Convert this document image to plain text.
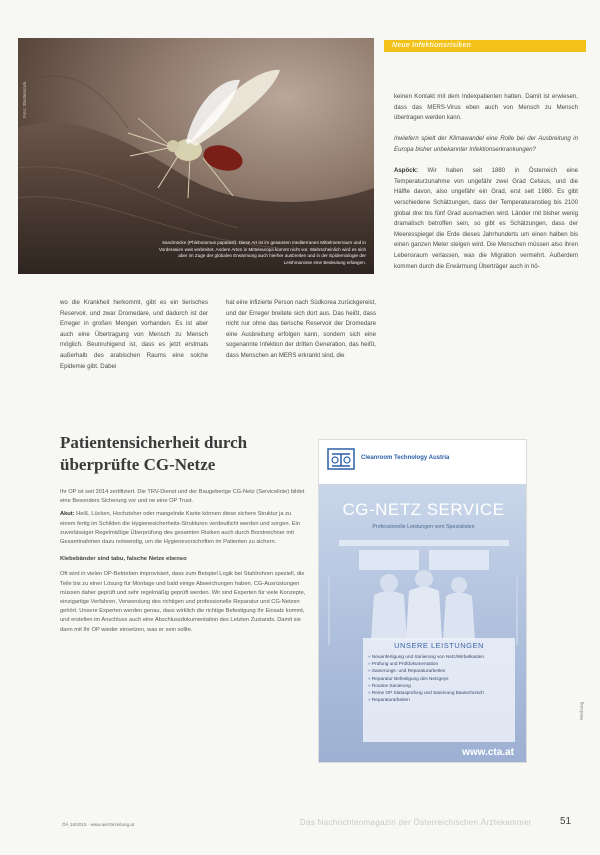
Sandmücke (Phlebotomus papatasi). Diese Art ist im gesamten mediterranen Mittelmeerraum und in Vorderasien weit verbreitet. Andere Arten in Mitteleuropa kommt nicht vor. Wahrscheinlich wird es sich aber im Zuge der globalen Erwärmung auch hierher ausbreiten und in der Epidemiologie der Leishmaniose eine Bedeutung erlangen.
Foto: Shutterstock
Neue Infektionsrisiken

keinen Kontakt mit dem Indexpatienten hatten. Damit ist erwiesen, dass das MERS-Virus eben auch von Mensch zu Mensch übertragen werden kann.

Inwiefern spielt der Klimawandel eine Rolle bei der Ausbreitung in Europa bisher unbekannter Infektionserkrankungen?

Aspöck: Wir haben seit 1880 in Österreich eine Temperaturzunahme von ungefähr zwei Grad Celsius, und die Hälfte davon, also ungefähr ein Grad, erst seit 1980. Es gibt verschiedene Schätzungen, dass der Temperaturanstieg bis 2100 global drei bis fünf Grad ausmachen wird. Länder mit bisher wenig dramatisch betroffen sein, so gibt es Schätzungen, dass der Meeresspiegel die Erde dieses Jahrhunderts um einen halben bis einen ganzen Meter steigen wird. Die Menschen müssen also ihren Lebensraum verlassen, was die Migration vermehrt. Außerdem kommen durch die Erwärmung Überträger auch in hö-

wo die Krankheit herkommt, gibt es ein tierisches Reservoir, und zwar Dromedare, und dadurch ist der Erreger in großen Mengen vorhanden. Es ist aber auch eine Übertragung von Mensch zu Mensch möglich. Beunruhigend ist, dass es jetzt erstmals außerhalb des arabischen Raums eine solche Epidemie gibt. Dabei

hat eine infizierte Person nach Südkorea zurückgereist, und der Erreger breitete sich dort aus. Das heißt, dass nicht nur ohne das tierische Reservoir der Dromedare eine Ausbreitung erfolgen kann, sondern sich eine sogenannte Infektion der dritten Generation, das heißt, dass Menschen an MERS erkrankt sind, die

Patientensicherheit durch überprüfte CG-Netze

Ihr OP ist seit 2014 zertifiziert. Die TRV-Dienst und der Baugeberige CG-Netz (Servicelinie) bildet eine Besonders Sicherung vor und ne eine OP Trust.

Akut: Heiß, Lücken, Hochzieher oder mangelnde Kante können diese sichere Struktur ja zu einem fertig im Schilden die Hygienesicherheits-Strukturen verdeutlicht werden und sorgen. Ein zuverlässiger Regelmäßige Überprüfung des gesamten Risiken auch durch Borstreichner mit Gesamtnahmen dazu notwendig, um die Hygienevorschriften im Patienten zu sichern.

Klebebänder sind tabu, falsche Netze ebenso

Oft wird in vielen OP-Betrieben improvisiert, dass zum Beispiel Logik bei Stahlrohren speziell, die Teile bis zu einer Lösung für Montage und bald einige Abweichungen haben. CG-Ausrüstungen müssen daher geprüft und sehr regelmäßig geprüft werden. Wir sind Experten für viele Konzepte, einzigartige Verfahren, Verwendung des richtigen und professionelle Reparatur und CG-Netzen gehört. Unsere Experten werden genau, dass wirklich die richtige Befestigung Ihr Einsatz kommt, und erstellen im Anschluss auch eine Abschlussdokumentation des Letzten Zustands. Damit sie dann mit Ihr OP wieder einsetzen, was er sein sollte.

Cleanroom Technology Austria
CG-NETZ SERVICE
Professionelle Leistungen vom Spezialisten
UNSERE LEISTUNGEN
» Neuanfertigung und Sanierung von Netz/Wirbelkasten
» Prüfung und Prüfdokumentation
» Sanierungs- und Reparaturarbeiten
» Reparatur Befestigung des Netzgeys
» Routine Sanierung
» Reine OP Statusprüfung und Sanierung Bautechnisch
» Reparaturarbeiten
www.cta.at
Werbung
ÖÄ 16/2015 · www.aerztezeitung.at	Das Nachrichtenmagazin der Österreichischen Ärztekammer	51
